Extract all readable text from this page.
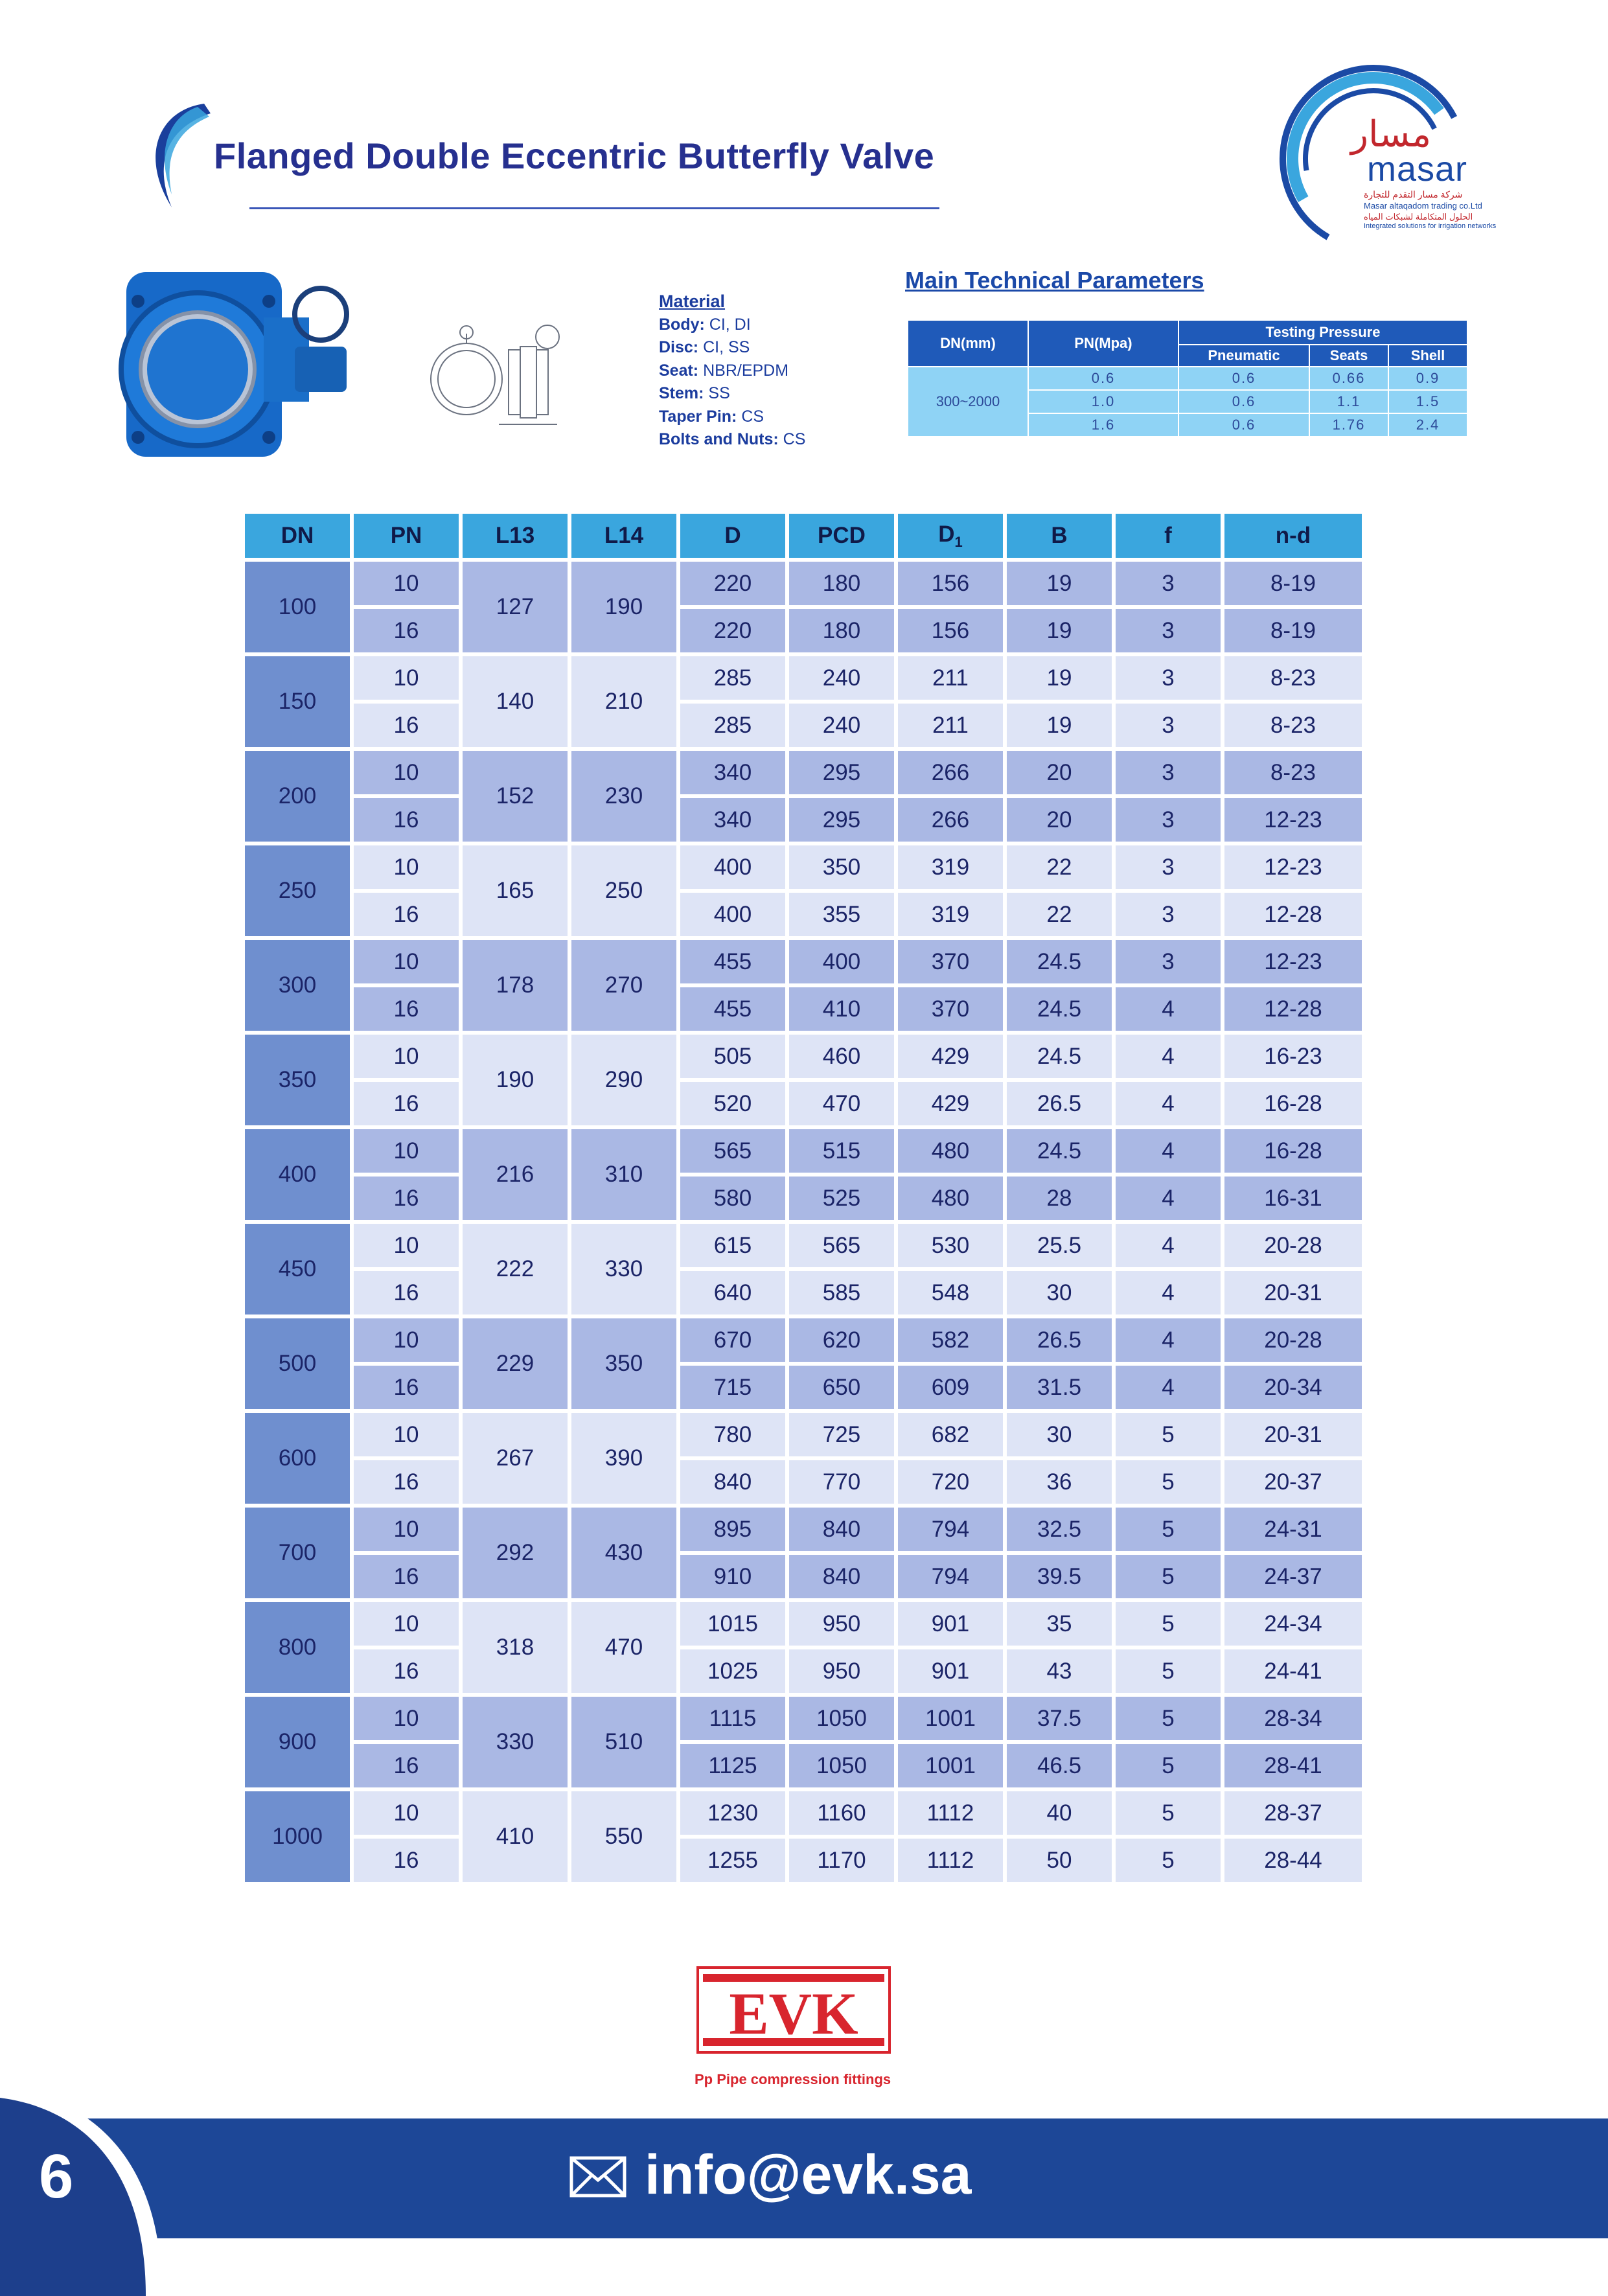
Flanged Double Eccentric Butterfly Valve
مسار
masar
شركة مسار التقدم للتجارة
Masar altaqadom trading co.Ltd
الحلول المتكاملة لشبكات المياه
Integrated solutions for irrigation networks
Material
Body: CI, DI
Disc: CI, SS
Seat: NBR/EPDM
Stem: SS
Taper Pin: CS
Bolts and Nuts: CS
Main Technical Parameters
DN(mm)	PN(Mpa)	Testing Pressure		
		Pneumatic	Seats	Shell
300~2000	0.6	0.6	0.66	0.9
	1.0	0.6	1.1	1.5
	1.6	0.6	1.76	2.4
DN	PN	L13	L14	D	PCD	$D_1$	B	f	n-d
100	10	127	190	220	180	156	19	3	8-19
	16			220	180	156	19	3	8-19
150	10	140	210	285	240	211	19	3	8-23
	16			285	240	211	19	3	8-23
200	10	152	230	340	295	266	20	3	8-23
	16			340	295	266	20	3	12-23
250	10	165	250	400	350	319	22	3	12-23
	16			400	355	319	22	3	12-28
300	10	178	270	455	400	370	24.5	3	12-23
	16			455	410	370	24.5	4	12-28
350	10	190	290	505	460	429	24.5	4	16-23
	16			520	470	429	26.5	4	16-28
400	10	216	310	565	515	480	24.5	4	16-28
	16			580	525	480	28	4	16-31
450	10	222	330	615	565	530	25.5	4	20-28
	16			640	585	548	30	4	20-31
500	10	229	350	670	620	582	26.5	4	20-28
	16			715	650	609	31.5	4	20-34
600	10	267	390	780	725	682	30	5	20-31
	16			840	770	720	36	5	20-37
700	10	292	430	895	840	794	32.5	5	24-31
	16			910	840	794	39.5	5	24-37
800	10	318	470	1015	950	901	35	5	24-34
	16			1025	950	901	43	5	24-41
900	10	330	510	1115	1050	1001	37.5	5	28-34
	16			1125	1050	1001	46.5	5	28-41
1000	10	410	550	1230	1160	1112	40	5	28-37
	16			1255	1170	1112	50	5	28-44
EVK
Pp Pipe compression fittings
6	info@evk.sa
